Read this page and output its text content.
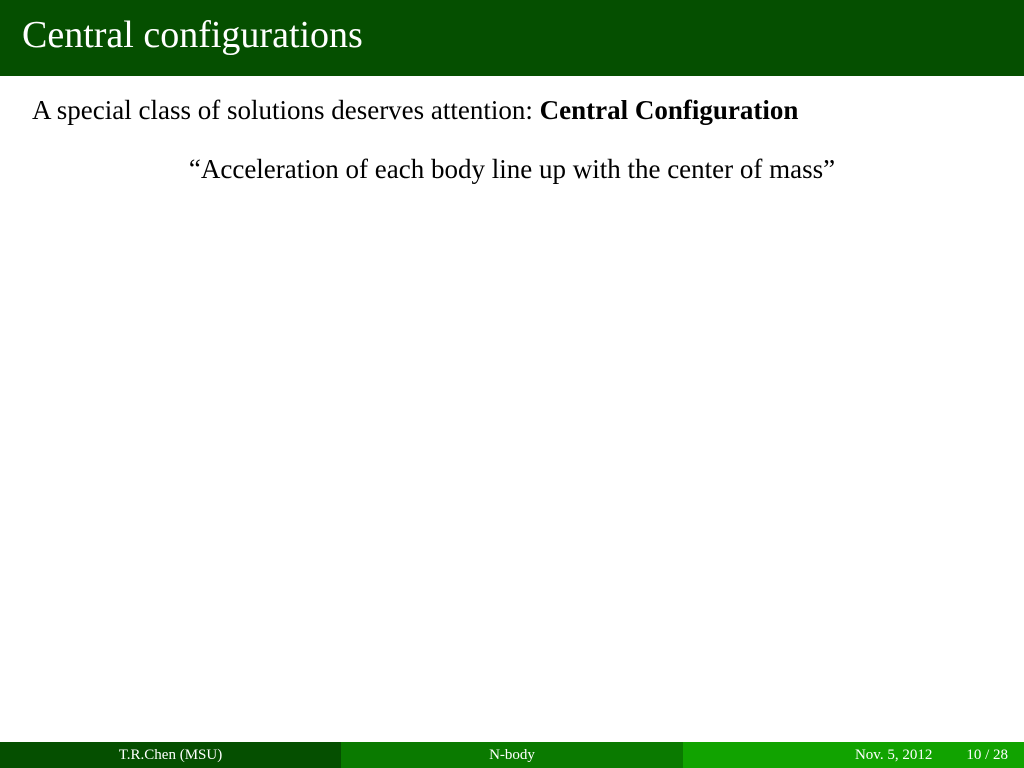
Central configurations
A special class of solutions deserves attention: Central Configuration
“Acceleration of each body line up with the center of mass”
T.R.Chen (MSU)	N-body	Nov. 5, 2012 10 / 28
